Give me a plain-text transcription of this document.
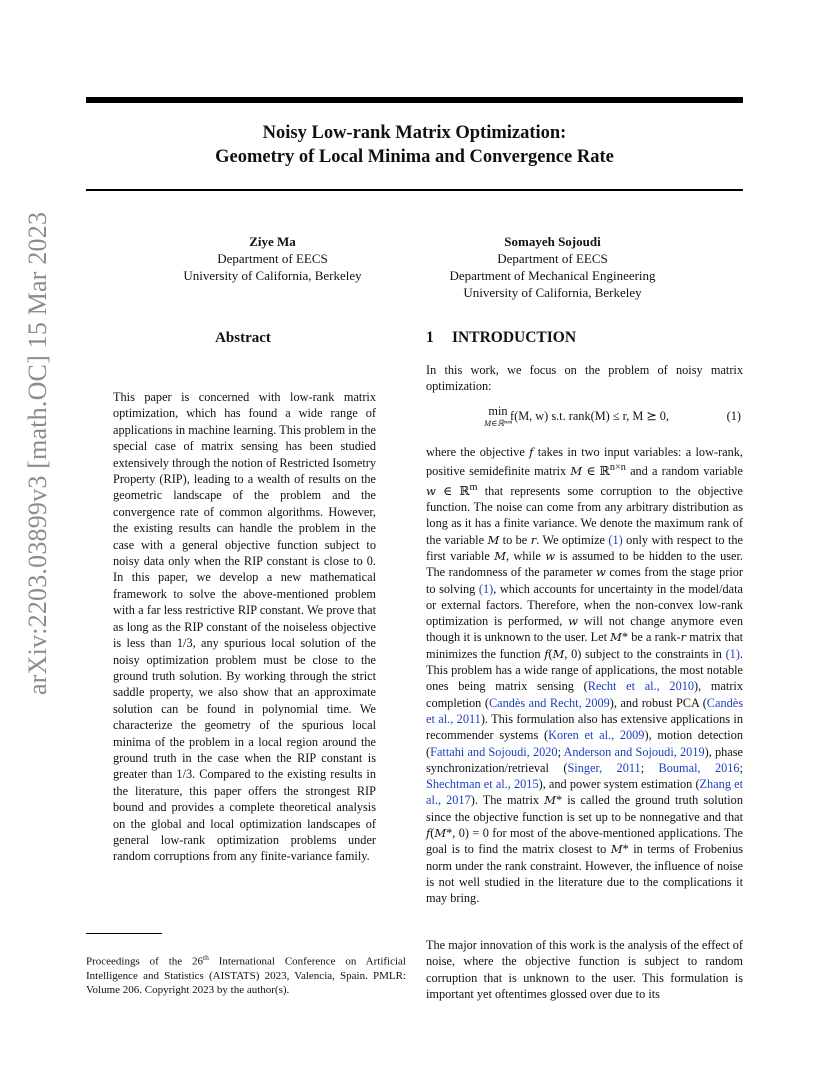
Noisy Low-rank Matrix Optimization:
Geometry of Local Minima and Convergence Rate
arXiv:2203.03899v3 [math.OC] 15 Mar 2023	Ziye Ma
Department of EECS
University of California, Berkeley
Somayeh Sojoudi
Department of EECS
Department of Mechanical Engineering
University of California, Berkeley
Abstract
This paper is concerned with low-rank matrix optimization, which has found a wide range of applications in machine learning. This problem in the special case of matrix sensing has been studied extensively through the notion of Restricted Isometry Property (RIP), leading to a wealth of results on the geometric landscape of the problem and the convergence rate of common algorithms. However, the existing results can handle the problem in the case with a general objective function subject to noisy data only when the RIP constant is close to 0. In this paper, we develop a new mathematical framework to solve the above-mentioned problem with a far less restrictive RIP constant. We prove that as long as the RIP constant of the noiseless objective is less than 1/3, any spurious local solution of the noisy optimization problem must be close to the ground truth solution. By working through the strict saddle property, we also show that an approximate solution can be found in polynomial time. We characterize the geometry of the spurious local minima of the problem in a local region around the ground truth in the case when the RIP constant is greater than 1/3. Compared to the existing results in the literature, this paper offers the strongest RIP bound and provides a complete theoretical analysis on the global and local optimization landscapes of general low-rank optimization problems under random corruptions from any finite-variance family.
Proceedings of the 26th International Conference on Artificial Intelligence and Statistics (AISTATS) 2023, Valencia, Spain. PMLR: Volume 206. Copyright 2023 by the author(s).
1 INTRODUCTION
In this work, we focus on the problem of noisy matrix optimization:
min
M∈ℝⁿˣⁿ
f(M, w) s.t. rank(M) ≤ r, M ⪰ 0,	(1)
where the objective f takes in two input variables: a low-rank, positive semidefinite matrix M ∈ ℝ$^{n\times n}$ and a random variable w ∈ ℝ$^m$ that represents some corruption to the objective function. The noise can come from any arbitrary distribution as long as it has a finite variance. We denote the maximum rank of the variable M to be r. We optimize (1) only with respect to the first variable M, while w is assumed to be hidden to the user. The randomness of the parameter w comes from the stage prior to solving (1), which accounts for uncertainty in the model/data or external factors. Therefore, when the non-convex low-rank optimization is performed, w will not change anymore even though it is unknown to the user. Let M* be a rank-r matrix that minimizes the function f(M, 0) subject to the constraints in (1). This problem has a wide range of applications, the most notable ones being matrix sensing (Recht et al., 2010), matrix completion (Candès and Recht, 2009), and robust PCA (Candès et al., 2011). This formulation also has extensive applications in recommender systems (Koren et al., 2009), motion detection (Fattahi and Sojoudi, 2020; Anderson and Sojoudi, 2019), phase synchronization/retrieval (Singer, 2011; Boumal, 2016; Shechtman et al., 2015), and power system estimation (Zhang et al., 2017). The matrix M* is called the ground truth solution since the objective function is set up to be nonnegative and that f(M*, 0) = 0 for most of the above-mentioned applications. The goal is to find the matrix closest to M* in terms of Frobenius norm under the rank constraint. However, the influence of noise is not well studied in the literature due to the complications it may bring.
The major innovation of this work is the analysis of the effect of noise, where the objective function is subject to random corruption that is unknown to the user. This formulation is important yet oftentimes glossed over due to its
